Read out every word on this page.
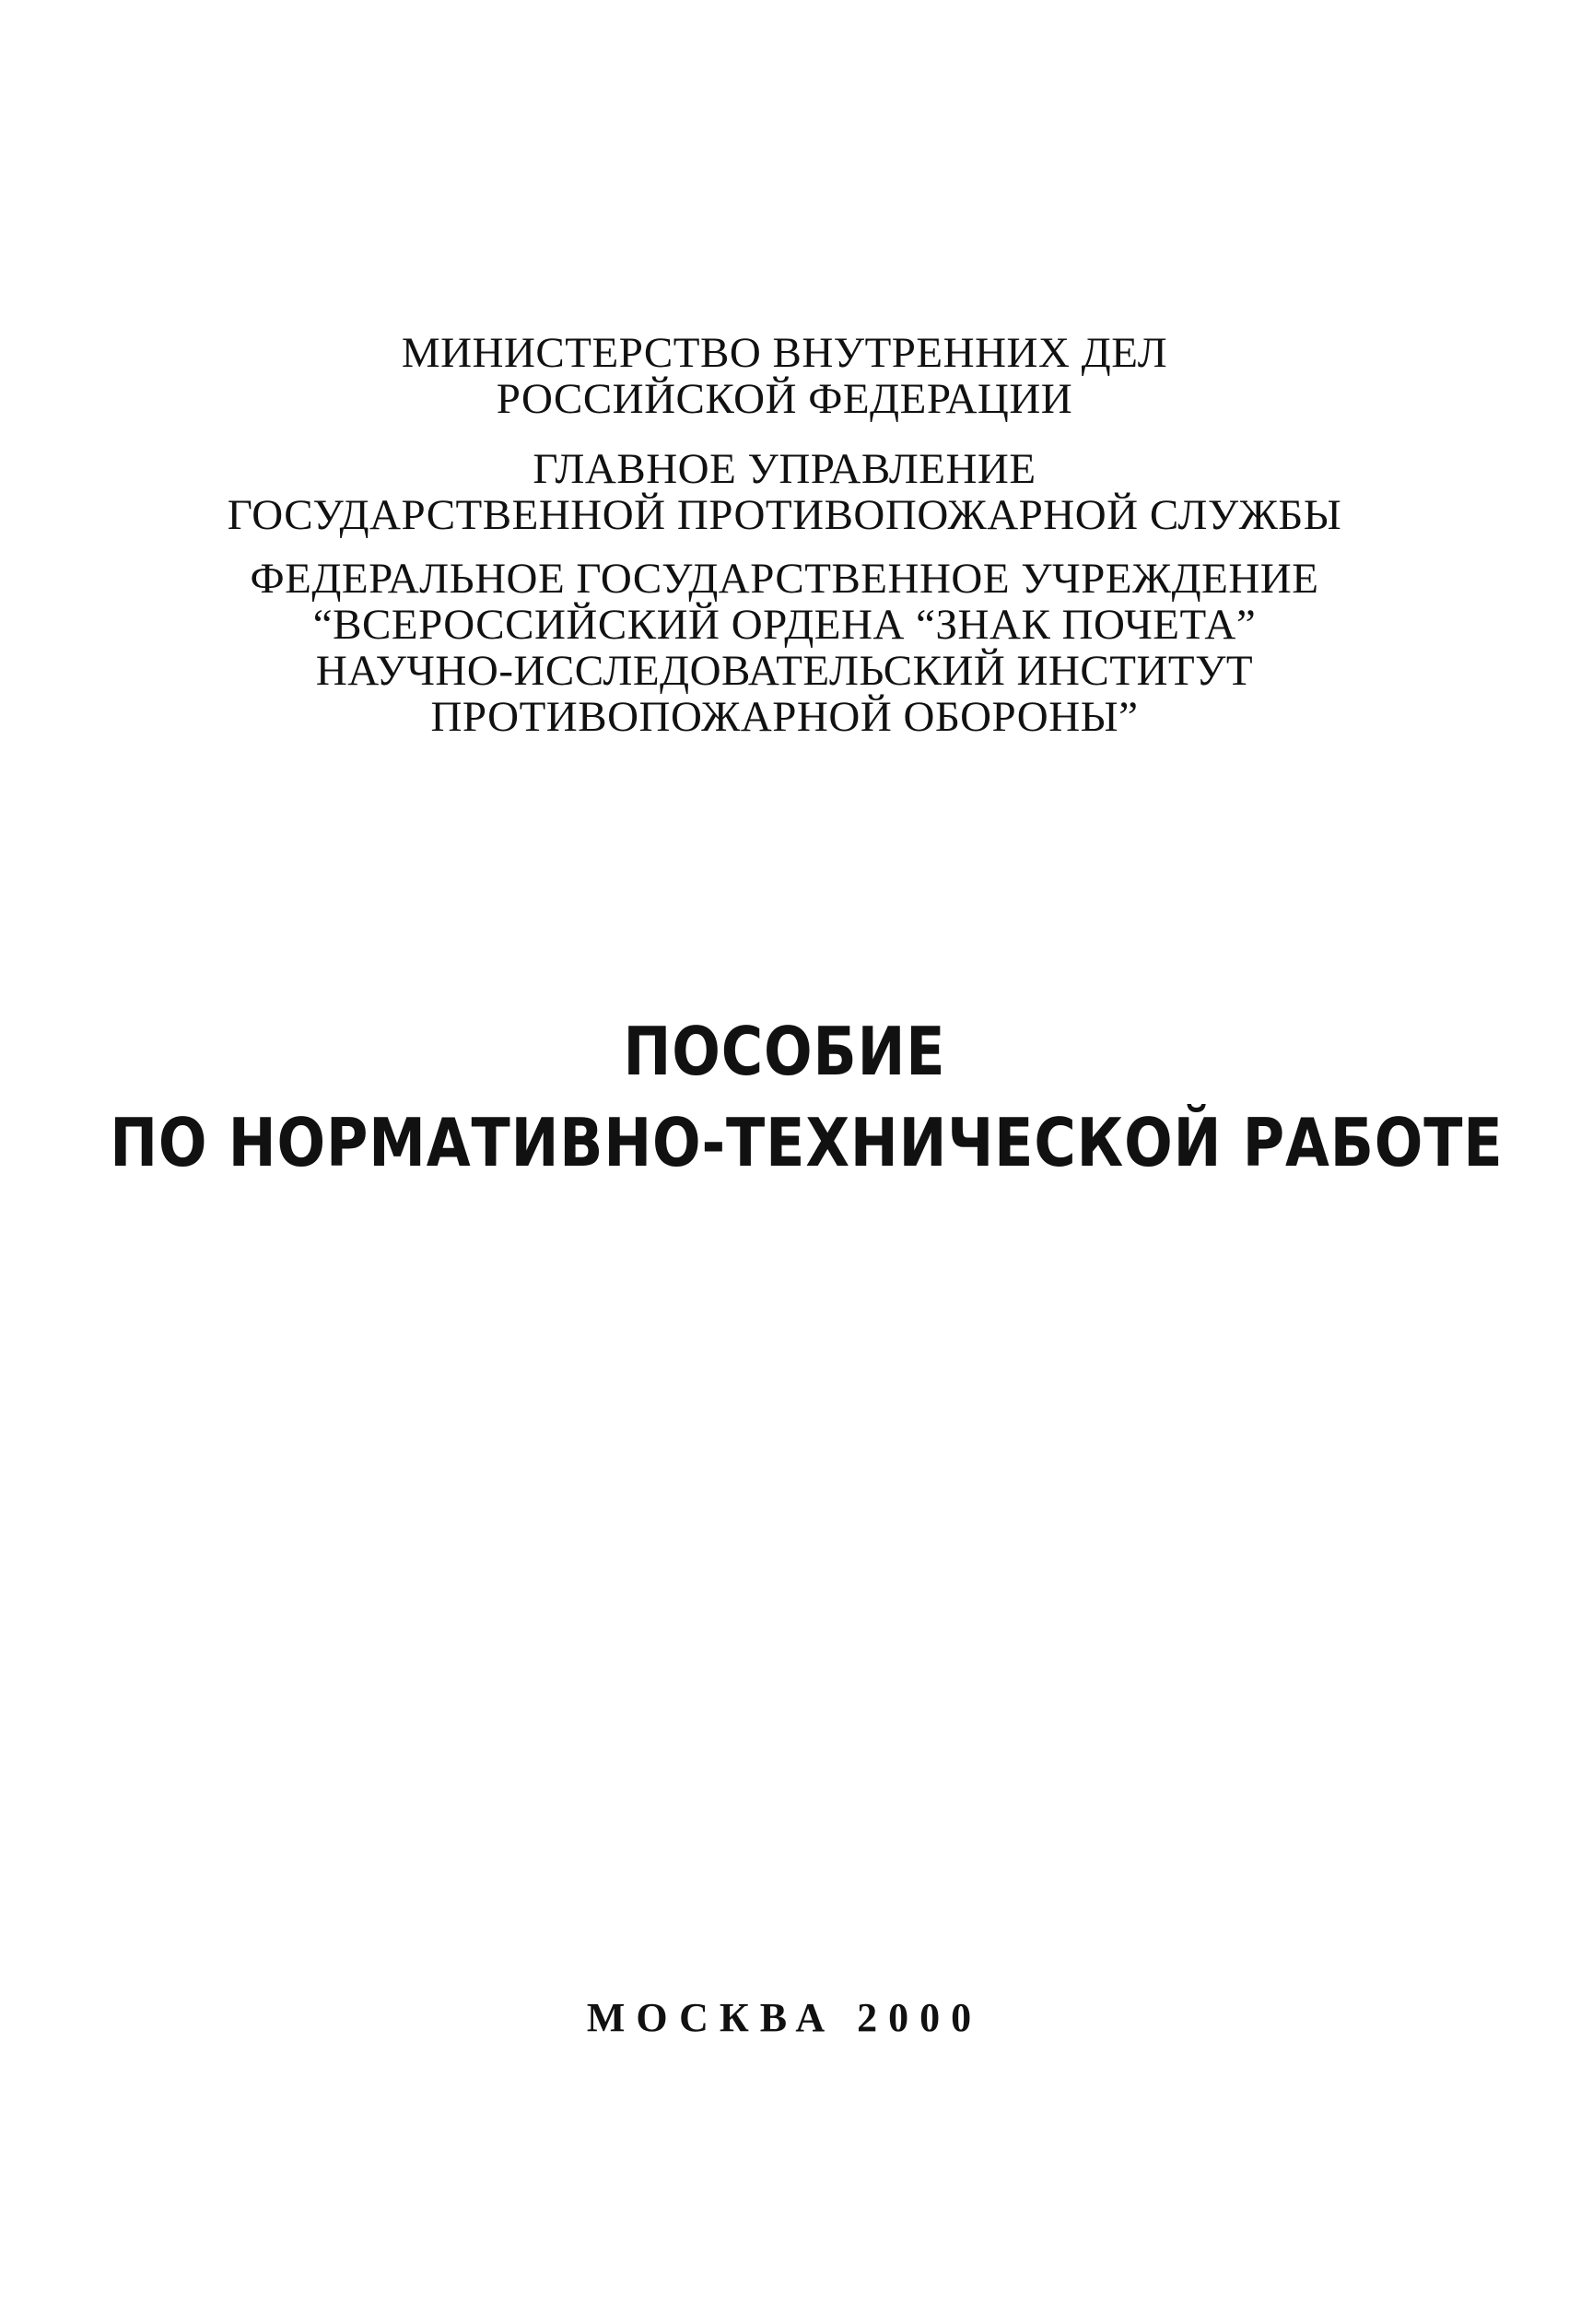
МИНИСТЕРСТВО ВНУТРЕННИХ ДЕЛ
РОССИЙСКОЙ ФЕДЕРАЦИИ
ГЛАВНОЕ УПРАВЛЕНИЕ
ГОСУДАРСТВЕННОЙ ПРОТИВОПОЖАРНОЙ СЛУЖБЫ
ФЕДЕРАЛЬНОЕ ГОСУДАРСТВЕННОЕ УЧРЕЖДЕНИЕ
“ВСЕРОССИЙСКИЙ ОРДЕНА “ЗНАК ПОЧЕТА”
НАУЧНО-ИССЛЕДОВАТЕЛЬСКИЙ ИНСТИТУТ
ПРОТИВОПОЖАРНОЙ ОБОРОНЫ”
ПОСОБИЕ
ПО НОРМАТИВНО-ТЕХНИЧЕСКОЙ РАБОТЕ
МОСКВА 2000
